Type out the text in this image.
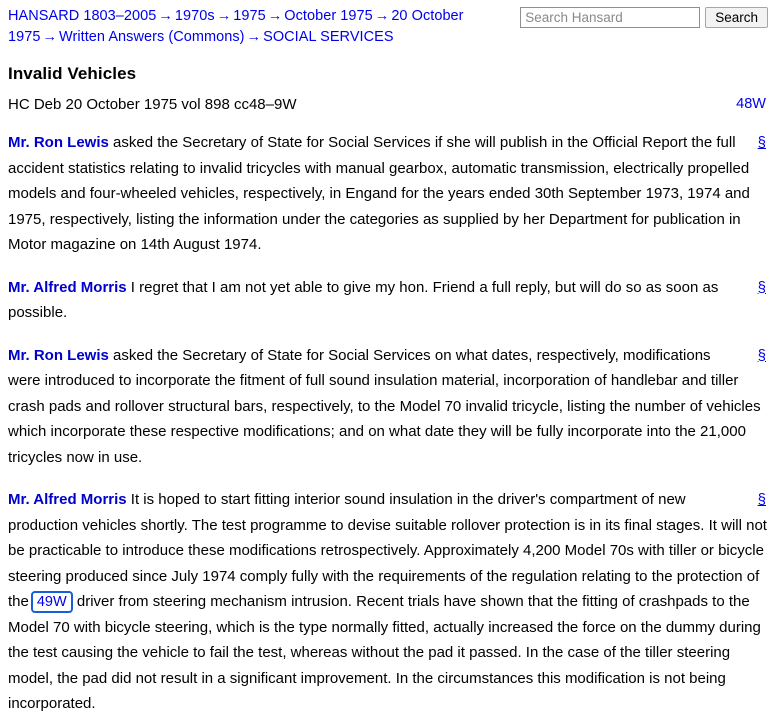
HANSARD 1803–2005 → 1970s → 1975 → October 1975 → 20 October 1975 → Written Answers (Commons) → SOCIAL SERVICES
Search Hansard
Search
Invalid Vehicles
HC Deb 20 October 1975 vol 898 cc48–9W	48W
§
Mr. Ron Lewis asked the Secretary of State for Social Services if she will publish in the Official Report the full accident statistics relating to invalid tricycles with manual gearbox, automatic transmission, electrically propelled models and four-wheeled vehicles, respectively, in Engand for the years ended 30th September 1973, 1974 and 1975, respectively, listing the information under the categories as supplied by her Department for publication in Motor magazine on 14th August 1974.
§
Mr. Alfred Morris I regret that I am not yet able to give my hon. Friend a full reply, but will do so as soon as possible.
§
Mr. Ron Lewis asked the Secretary of State for Social Services on what dates, respectively, modifications were introduced to incorporate the fitment of full sound insulation material, incorporation of handlebar and tiller crash pads and rollover structural bars, respectively, to the Model 70 invalid tricycle, listing the number of vehicles which incorporate these respective modifications; and on what date they will be fully incorporate into the 21,000 tricycles now in use.
§
Mr. Alfred Morris It is hoped to start fitting interior sound insulation in the driver's compartment of new production vehicles shortly. The test programme to devise suitable rollover protection is in its final stages. It will not be practicable to introduce these modifications retrospectively. Approximately 4,200 Model 70s with tiller or bicycle steering produced since July 1974 comply fully with the requirements of the regulation relating to the protection of the 49W driver from steering mechanism intrusion. Recent trials have shown that the fitting of crashpads to the Model 70 with bicycle steering, which is the type normally fitted, actually increased the force on the dummy during the test causing the vehicle to fail the test, whereas without the pad it passed. In the case of the tiller steering model, the pad did not result in a significant improvement. In the circumstances this modification is not being incorporated.
